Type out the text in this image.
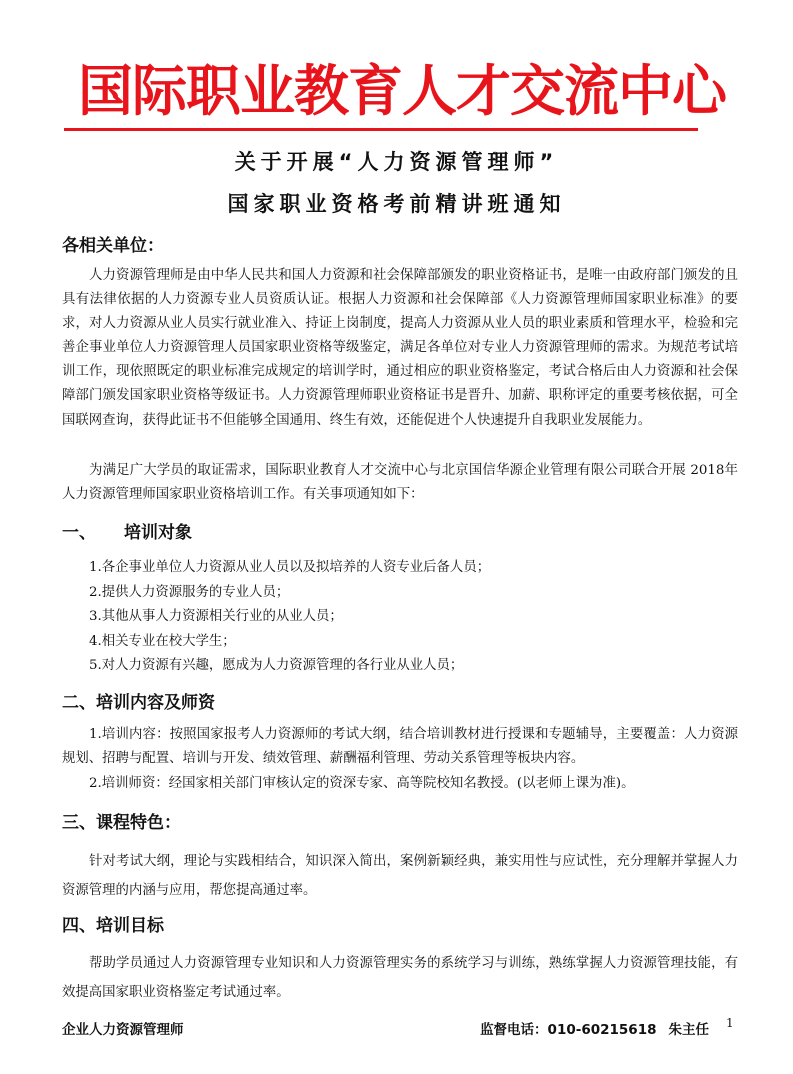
国际职业教育人才交流中心
关于开展“人力资源管理师”
国家职业资格考前精讲班通知
各相关单位：

人力资源管理师是由中华人民共和国人力资源和社会保障部颁发的职业资格证书，是唯一由政府部门颁发的且具有法律依据的人力资源专业人员资质认证。根据人力资源和社会保障部《人力资源管理师国家职业标准》的要求，对人力资源从业人员实行就业准入、持证上岗制度，提高人力资源从业人员的职业素质和管理水平，检验和完善企事业单位人力资源管理人员国家职业资格等级鉴定，满足各单位对专业人力资源管理师的需求。为规范考试培训工作，现依照既定的职业标准完成规定的培训学时，通过相应的职业资格鉴定，考试合格后由人力资源和社会保障部门颁发国家职业资格等级证书。人力资源管理师职业资格证书是晋升、加薪、职称评定的重要考核依据，可全国联网查询，获得此证书不但能够全国通用、终生有效，还能促进个人快速提升自我职业发展能力。

为满足广大学员的取证需求，国际职业教育人才交流中心与北京国信华源企业管理有限公司联合开展 2018年人力资源管理师国家职业资格培训工作。有关事项通知如下：

一、 培训对象
1.各企事业单位人力资源从业人员以及拟培养的人资专业后备人员；
2.提供人力资源服务的专业人员；
3.其他从事人力资源相关行业的从业人员；
4.相关专业在校大学生；
5.对人力资源有兴趣，愿成为人力资源管理的各行业从业人员；
二、培训内容及师资

1.培训内容：按照国家报考人力资源师的考试大纲，结合培训教材进行授课和专题辅导，主要覆盖：人力资源规划、招聘与配置、培训与开发、绩效管理、薪酬福利管理、劳动关系管理等板块内容。

2.培训师资：经国家相关部门审核认定的资深专家、高等院校知名教授。(以老师上课为准)。

三、课程特色：

针对考试大纲，理论与实践相结合，知识深入简出，案例新颖经典，兼实用性与应试性，充分理解并掌握人力资源管理的内涵与应用，帮您提高通过率。

四、培训目标

帮助学员通过人力资源管理专业知识和人力资源管理实务的系统学习与训练，熟练掌握人力资源管理技能，有效提高国家职业资格鉴定考试通过率。

企业人力资源管理师	监督电话：010-60215618 朱主任 1
